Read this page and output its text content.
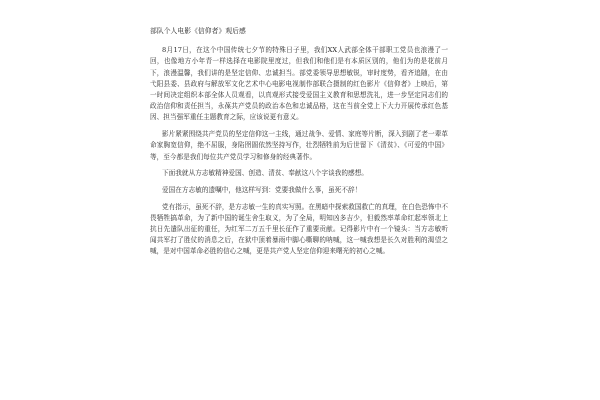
部队个人电影《信仰者》观后感

8月17日，在这个中国传统七夕节的特殊日子里，我们XX人武部全体干部职工党员也浪漫了一回，也像地方小年青一样选择在电影院里度过，但我们和他们是有本质区别的，他们为的是花前月下，浪漫温馨，我们讲的是坚定信仰、忠诚担当。部党委领导思想敏锐，审时度势，看齐追随，在由弋阳县委、县政府与解放军文化艺术中心电影电视制作部联合摄制的红色影片《信仰者》上映后，第一时间决定组织本部全体人员观看，以真观形式接受爱国主义教育和思想洗礼，进一步坚定同志们的政治信仰和责任担当，永葆共产党员的政治本色和忠诚品格，这在当前全党上下大力开展传承红色基因、担当强军重任主题教育之际，应该说更有意义。

影片紧紧围绕共产党员的坚定信仰这一主线，通过战争、爱情、家庭等片断，深入到剧了老一辈革命家胸宽信仰，绝不屈服，身陷囹圄依然坚持写作，壮烈牺牲前为后世留下《清贫》、《可爱的中国》等，至今都是我们每位共产党员学习和修身的经典著作。

下面我就从方志敏精神爱国、创造、清贫、奉献这八个字谈我的感想。

爱国在方志敏的遗嘱中，他这样写到：党要我做什么事，虽死不辞！

党有指示，虽死不辞，是方志敏一生的真实写照。在黑暗中探索救国救亡的真理，在白色恐怖中不畏牺牲搞革命，为了新中国的诞生舍生取义，为了全局，明知凶多吉少，但毅然率革命红起率领北上抗日先遣队出征的重任，为红军二万五千里长征作了重要贡献。记得影片中有一个镜头：当方志敏听闻共军打了胜仗的消息之后，在狱中顶着暴雨中脚心嘶聊的呐喊，这一喊我想是长久对胜利的渴望之喊，是对中国革命必胜的信心之喊，更是共产党人坚定信仰迎来曙光的初心之喊。
